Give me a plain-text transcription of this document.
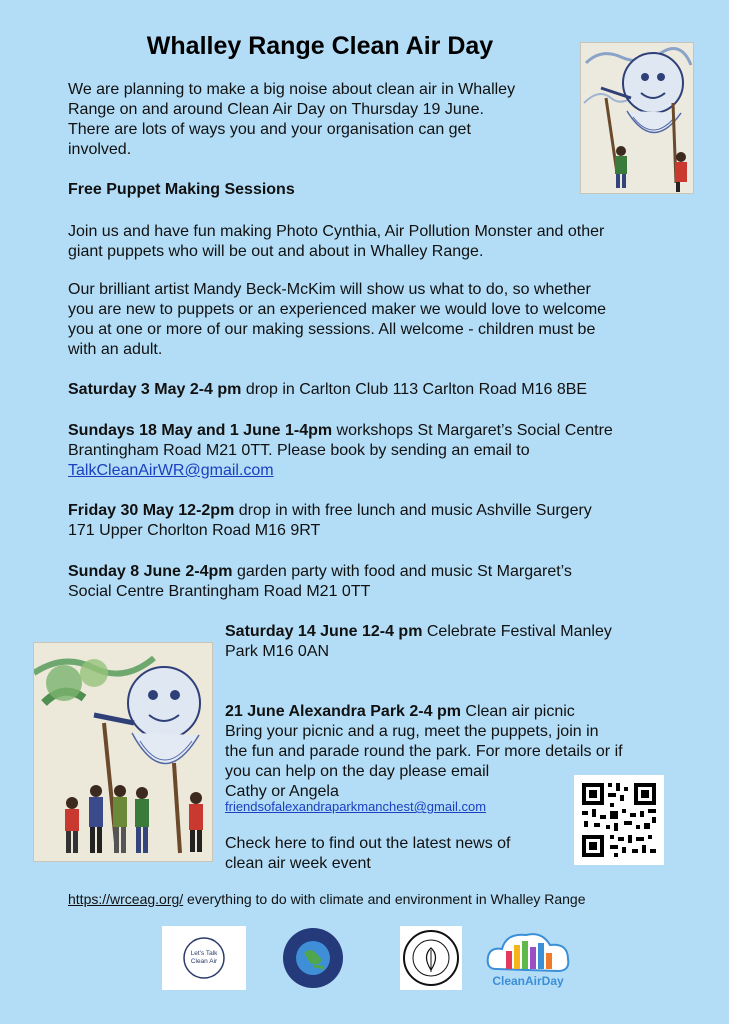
Whalley Range Clean Air Day
We are planning to make a big noise about clean air in Whalley
Range on and around Clean Air Day on Thursday 19 June.
There are lots of ways you and your organisation can get
involved.
Free Puppet Making Sessions
Join us and have fun making Photo Cynthia, Air Pollution Monster and other
giant puppets who will be out and about in Whalley Range.
Our brilliant artist Mandy Beck-McKim will show us what to do, so whether
you are new to puppets or an experienced maker we would love to welcome
you at one or more of our making sessions. All welcome - children must be
with an adult.
Saturday 3 May 2-4 pm drop in Carlton Club 113 Carlton Road M16 8BE
Sundays 18 May and 1 June 1-4pm workshops St Margaret’s Social Centre
Brantingham Road M21 0TT. Please book by sending an email to
TalkCleanAirWR@gmail.com
Friday 30 May 12-2pm drop in with free lunch and music Ashville Surgery
171 Upper Chorlton Road M16 9RT
Sunday 8 June 2-4pm garden party with food and music St Margaret’s
Social Centre Brantingham Road M21 0TT
Saturday 14 June 12-4 pm Celebrate Festival Manley
Park M16 0AN
21 June Alexandra Park 2-4 pm Clean air picnic
Bring your picnic and a rug, meet the puppets, join in
the fun and parade round the park. For more details or if
you can help on the day please email
Cathy or Angela
friendsofalexandraparkmanchest@gmail.com
Check here to find out the latest news of
clean air week event
https://wrceag.org/ everything to do with climate and environment in Whalley Range
Let's Talk
Clean Air
CleanAirDay
